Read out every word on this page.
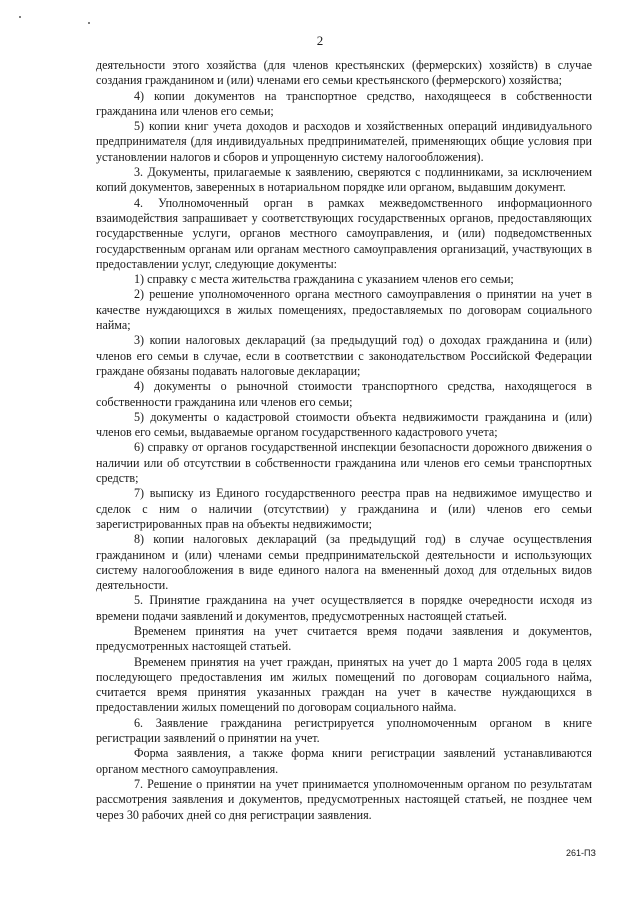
2

деятельности этого хозяйства (для членов крестьянских (фермерских) хозяйств) в случае создания гражданином и (или) членами его семьи крестьянского (фермерского) хозяйства;

4) копии документов на транспортное средство, находящееся в собственности гражданина или членов его семьи;

5) копии книг учета доходов и расходов и хозяйственных операций индивидуального предпринимателя (для индивидуальных предпринимателей, применяющих общие условия при установлении налогов и сборов и упрощенную систему налогообложения).

3. Документы, прилагаемые к заявлению, сверяются с подлинниками, за исключением копий документов, заверенных в нотариальном порядке или органом, выдавшим документ.

4. Уполномоченный орган в рамках межведомственного информационного взаимодействия запрашивает у соответствующих государственных органов, предоставляющих государственные услуги, органов местного самоуправления, и (или) подведомственных государственным органам или органам местного самоуправления организаций, участвующих в предоставлении услуг, следующие документы:

1) справку с места жительства гражданина с указанием членов его семьи;

2) решение уполномоченного органа местного самоуправления о принятии на учет в качестве нуждающихся в жилых помещениях, предоставляемых по договорам социального найма;

3) копии налоговых деклараций (за предыдущий год) о доходах гражданина и (или) членов его семьи в случае, если в соответствии с законодательством Российской Федерации граждане обязаны подавать налоговые декларации;

4) документы о рыночной стоимости транспортного средства, находящегося в собственности гражданина или членов его семьи;

5) документы о кадастровой стоимости объекта недвижимости гражданина и (или) членов его семьи, выдаваемые органом государственного кадастрового учета;

6) справку от органов государственной инспекции безопасности дорожного движения о наличии или об отсутствии в собственности гражданина или членов его семьи транспортных средств;

7) выписку из Единого государственного реестра прав на недвижимое имущество и сделок с ним о наличии (отсутствии) у гражданина и (или) членов его семьи зарегистрированных прав на объекты недвижимости;

8) копии налоговых деклараций (за предыдущий год) в случае осуществления гражданином и (или) членами семьи предпринимательской деятельности и использующих систему налогообложения в виде единого налога на вмененный доход для отдельных видов деятельности.

5. Принятие гражданина на учет осуществляется в порядке очередности исходя из времени подачи заявлений и документов, предусмотренных настоящей статьей.

Временем принятия на учет считается время подачи заявления и документов, предусмотренных настоящей статьей.

Временем принятия на учет граждан, принятых на учет до 1 марта 2005 года в целях последующего предоставления им жилых помещений по договорам социального найма, считается время принятия указанных граждан на учет в качестве нуждающихся в предоставлении жилых помещений по договорам социального найма.

6. Заявление гражданина регистрируется уполномоченным органом в книге регистрации заявлений о принятии на учет.

Форма заявления, а также форма книги регистрации заявлений устанавливаются органом местного самоуправления.

7. Решение о принятии на учет принимается уполномоченным органом по результатам рассмотрения заявления и документов, предусмотренных настоящей статьей, не позднее чем через 30 рабочих дней со дня регистрации заявления.

261-ПЗ
